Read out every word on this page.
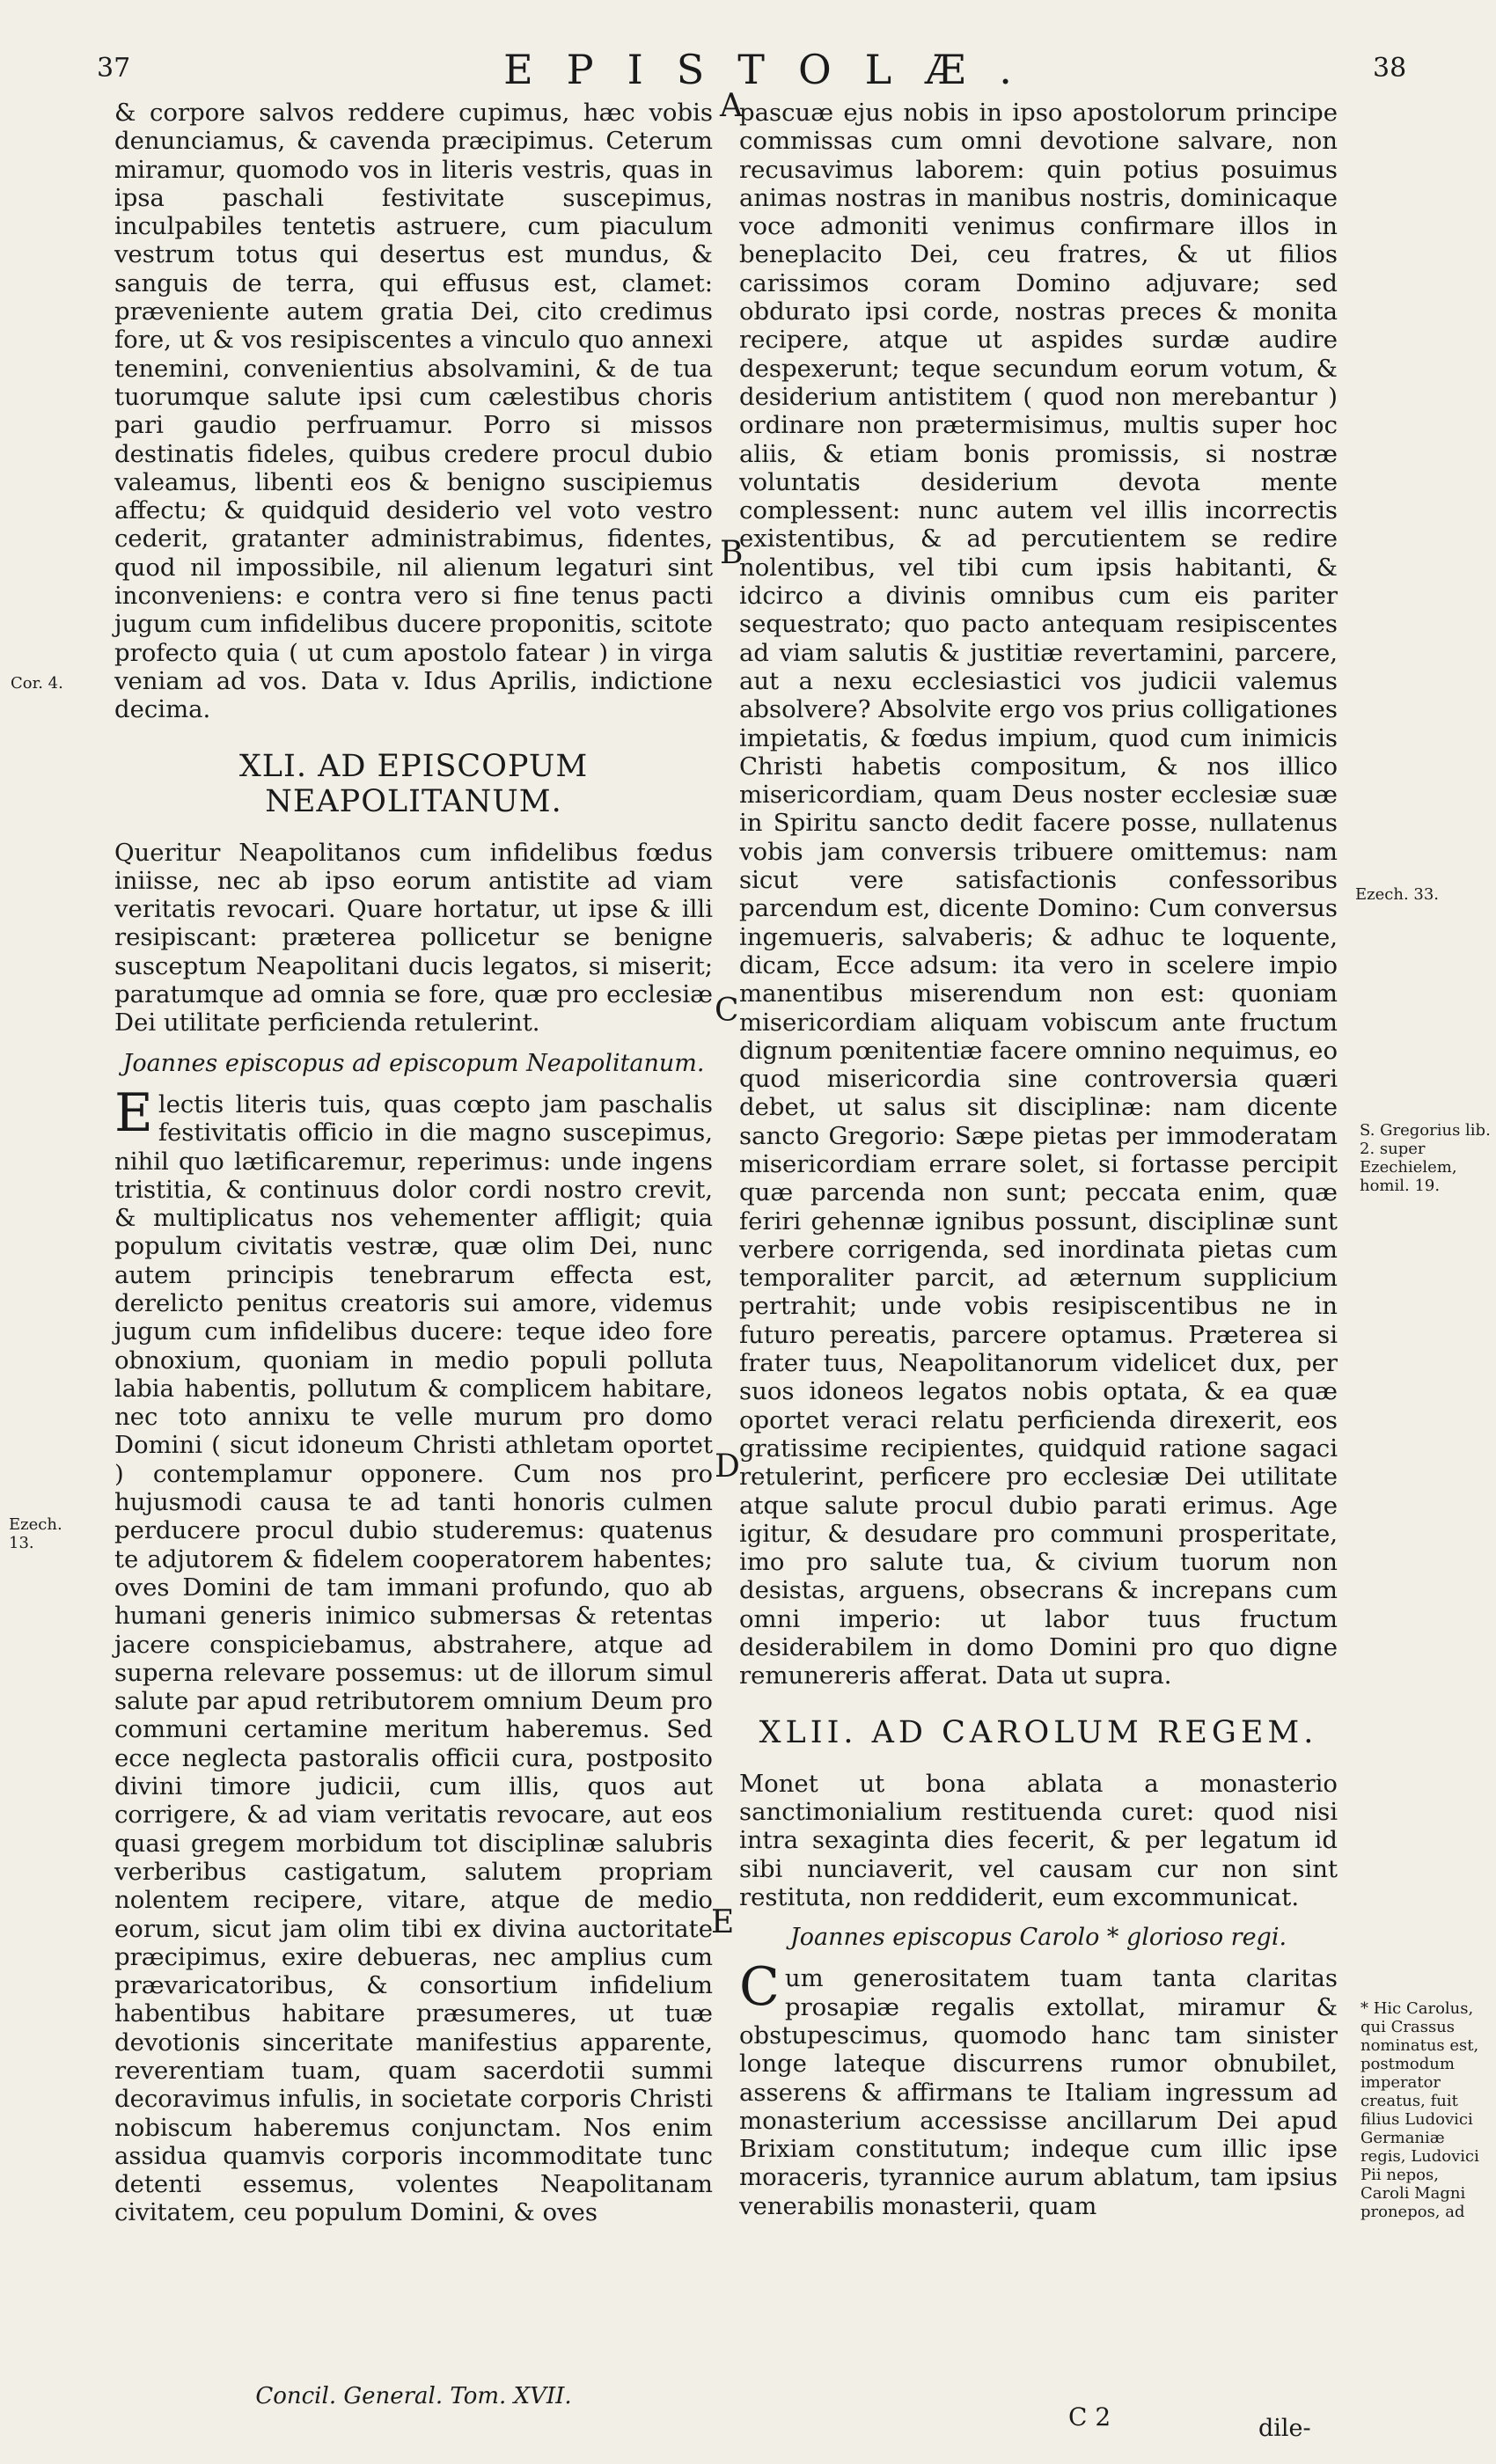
37	EPISTOLÆ.	38

& corpore salvos reddere cupimus, hæc vobis denunciamus, & cavenda præcipimus. Ceterum miramur, quomodo vos in literis vestris, quas in ipsa paschali festivitate suscepimus, inculpabiles tentetis astruere, cum piaculum vestrum totus qui desertus est mundus, & sanguis de terra, qui effusus est, clamet: præveniente autem gratia Dei, cito credimus fore, ut & vos resipiscentes a vinculo quo annexi tenemini, convenientius absolvamini, & de tua tuorumque salute ipsi cum cælestibus choris pari gaudio perfruamur. Porro si missos destinatis fideles, quibus credere procul dubio valeamus, libenti eos & benigno suscipiemus affectu; & quidquid desiderio vel voto vestro cederit, gratanter administrabimus, fidentes, quod nil impossibile, nil alienum legaturi sint inconveniens: e contra vero si fine tenus pacti jugum cum infidelibus ducere proponitis, scitote profecto quia ( ut cum apostolo fatear ) in virga veniam ad vos. Data v. Idus Aprilis, indictione decima.

XLI. AD EPISCOPUM NEAPOLITANUM.

Queritur Neapolitanos cum infidelibus fœdus iniisse, nec ab ipso eorum antistite ad viam veritatis revocari. Quare hortatur, ut ipse & illi resipiscant: præterea pollicetur se benigne susceptum Neapolitani ducis legatos, si miserit; paratumque ad omnia se fore, quæ pro ecclesiæ Dei utilitate perficienda retulerint.

Joannes episcopus ad episcopum Neapolitanum.

Electis literis tuis, quas cœpto jam paschalis festivitatis officio in die magno suscepimus, nihil quo lætificaremur, reperimus: unde ingens tristitia, & continuus dolor cordi nostro crevit, & multiplicatus nos vehementer affligit; quia populum civitatis vestræ, quæ olim Dei, nunc autem principis tenebrarum effecta est, derelicto penitus creatoris sui amore, videmus jugum cum infidelibus ducere: teque ideo fore obnoxium, quoniam in medio populi polluta labia habentis, pollutum & complicem habitare, nec toto annixu te velle murum pro domo Domini ( sicut idoneum Christi athletam oportet ) contemplamur opponere. Cum nos pro hujusmodi causa te ad tanti honoris culmen perducere procul dubio studeremus: quatenus te adjutorem & fidelem cooperatorem habentes; oves Domini de tam immani profundo, quo ab humani generis inimico submersas & retentas jacere conspiciebamus, abstrahere, atque ad superna relevare possemus: ut de illorum simul salute par apud retributorem omnium Deum pro communi certamine meritum haberemus. Sed ecce neglecta pastoralis officii cura, postposito divini timore judicii, cum illis, quos aut corrigere, & ad viam veritatis revocare, aut eos quasi gregem morbidum tot disciplinæ salubris verberibus castigatum, salutem propriam nolentem recipere, vitare, atque de medio eorum, sicut jam olim tibi ex divina auctoritate præcipimus, exire debueras, nec amplius cum prævaricatoribus, & consortium infidelium habentibus habitare præsumeres, ut tuæ devotionis sinceritate manifestius apparente, reverentiam tuam, quam sacerdotii summi decoravimus infulis, in societate corporis Christi nobiscum haberemus conjunctam. Nos enim assidua quamvis corporis incommoditate tunc detenti essemus, volentes Neapolitanam civitatem, ceu populum Domini, & oves

pascuæ ejus nobis in ipso apostolorum principe commissas cum omni devotione salvare, non recusavimus laborem: quin potius posuimus animas nostras in manibus nostris, dominicaque voce admoniti venimus confirmare illos in beneplacito Dei, ceu fratres, & ut filios carissimos coram Domino adjuvare; sed obdurato ipsi corde, nostras preces & monita recipere, atque ut aspides surdæ audire despexerunt; teque secundum eorum votum, & desiderium antistitem ( quod non merebantur ) ordinare non prætermisimus, multis super hoc aliis, & etiam bonis promissis, si nostræ voluntatis desiderium devota mente complessent: nunc autem vel illis incorrectis existentibus, & ad percutientem se redire nolentibus, vel tibi cum ipsis habitanti, & idcirco a divinis omnibus cum eis pariter sequestrato; quo pacto antequam resipiscentes ad viam salutis & justitiæ revertamini, parcere, aut a nexu ecclesiastici vos judicii valemus absolvere? Absolvite ergo vos prius colligationes impietatis, & fœdus impium, quod cum inimicis Christi habetis compositum, & nos illico misericordiam, quam Deus noster ecclesiæ suæ in Spiritu sancto dedit facere posse, nullatenus vobis jam conversis tribuere omittemus: nam sicut vere satisfactionis confessoribus parcendum est, dicente Domino: Cum conversus ingemueris, salvaberis; & adhuc te loquente, dicam, Ecce adsum: ita vero in scelere impio manentibus miserendum non est: quoniam misericordiam aliquam vobiscum ante fructum dignum pœnitentiæ facere omnino nequimus, eo quod misericordia sine controversia quæri debet, ut salus sit disciplinæ: nam dicente sancto Gregorio: Sæpe pietas per immoderatam misericordiam errare solet, si fortasse percipit quæ parcenda non sunt; peccata enim, quæ feriri gehennæ ignibus possunt, disciplinæ sunt verbere corrigenda, sed inordinata pietas cum temporaliter parcit, ad æternum supplicium pertrahit; unde vobis resipiscentibus ne in futuro pereatis, parcere optamus. Præterea si frater tuus, Neapolitanorum videlicet dux, per suos idoneos legatos nobis optata, & ea quæ oportet veraci relatu perficienda direxerit, eos gratissime recipientes, quidquid ratione sagaci retulerint, perficere pro ecclesiæ Dei utilitate atque salute procul dubio parati erimus. Age igitur, & desudare pro communi prosperitate, imo pro salute tua, & civium tuorum non desistas, arguens, obsecrans & increpans cum omni imperio: ut labor tuus fructum desiderabilem in domo Domini pro quo digne remunereris afferat. Data ut supra.

XLII. AD CAROLUM REGEM.

Monet ut bona ablata a monasterio sanctimonialium restituenda curet: quod nisi intra sexaginta dies fecerit, & per legatum id sibi nunciaverit, vel causam cur non sint restituta, non reddiderit, eum excommunicat.

Joannes episcopus Carolo * glorioso regi.

Cum generositatem tuam tanta claritas prosapiæ regalis extollat, miramur & obstupescimus, quomodo hanc tam sinister longe lateque discurrens rumor obnubilet, asserens & affirmans te Italiam ingressum ad monasterium accessisse ancillarum Dei apud Brixiam constitutum; indeque cum illic ipse moraceris, tyrannice aurum ablatum, tam ipsius venerabilis monasterii, quam

A
B
C
D
E
Cor. 4.
Ezech. 13.
Ezech. 33.
S. Gregorius lib. 2. super Ezechielem, homil. 19.
* Hic Carolus, qui Crassus nominatus est, postmodum imperator creatus, fuit filius Ludovici Germaniæ regis, Ludovici Pii nepos, Caroli Magni pronepos, ad
Concil. General. Tom. XVII.
C 2	dile-
